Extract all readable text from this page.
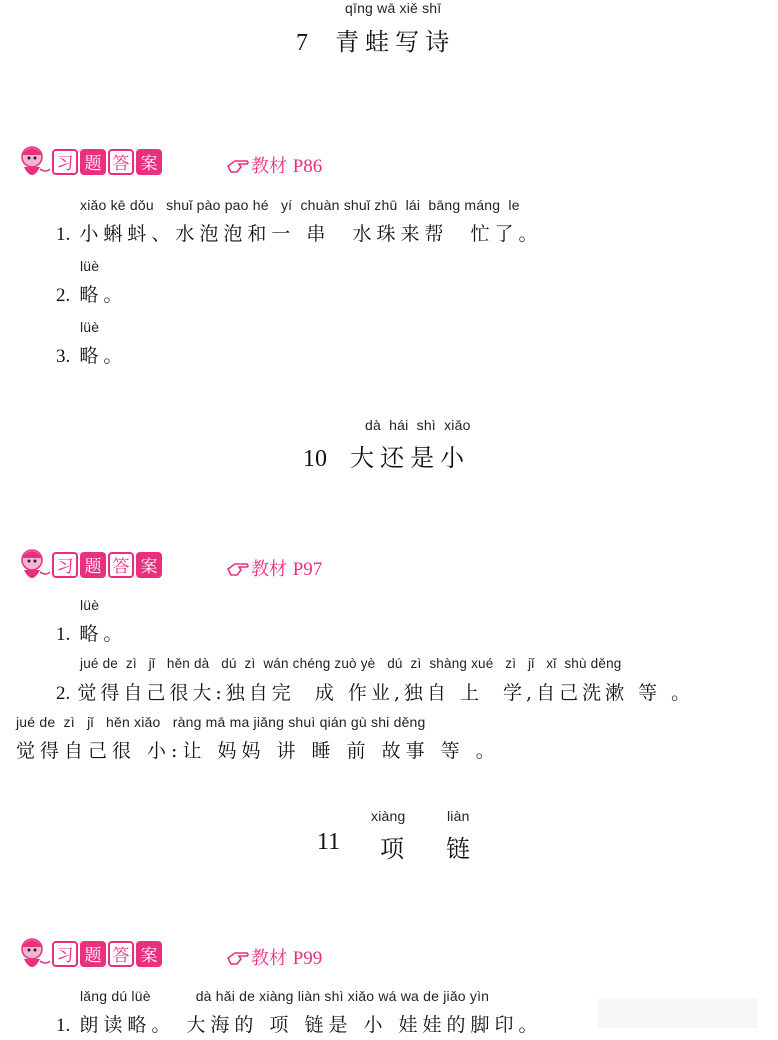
qīng wā xiě shī
7 青蛙写诗
习 题 答 案	教材 P86
xiǎo kē dǒu   shuǐ pào pao hé   yí  chuàn shuǐ zhū  lái  bāng máng  le
1. 小蝌蚪、水泡泡和一 串  水珠来帮  忙了。
lüè
2. 略。
lüè
3. 略。
dà  hái  shì  xiǎo
10 大还是小
习 题 答 案	教材 P97
lüè
1. 略。
jué de  zì   jǐ   hěn dà   dú  zì  wán chéng zuò yè   dú  zì  shàng xué   zì   jǐ   xǐ  shù děng
2. 觉得自己很大:独自完  成 作业,独自 上  学,自己洗漱 等 。
jué de  zì   jǐ   hěn xiǎo   ràng mā ma jiǎng shuì qián gù shi děng
觉得自己很 小:让 妈妈 讲 睡 前 故事 等 。
xiàng	liàn
11 项 链
习 题 答 案	教材 P99
lǎng dú lüè           dà hǎi de xiàng liàn shì xiǎo wá wa de jiǎo yìn
1. 朗读略。 大海的 项 链是 小 娃娃的脚印。
